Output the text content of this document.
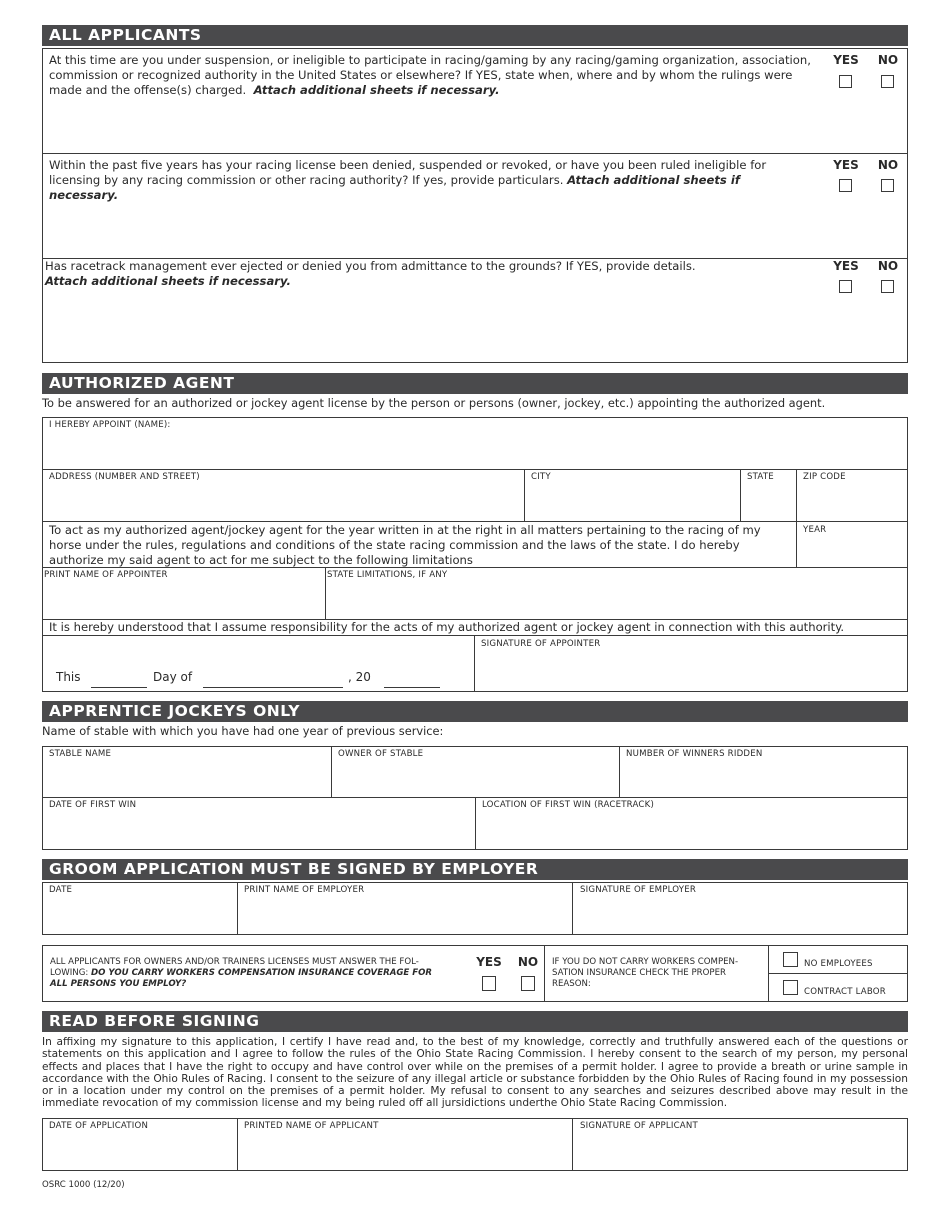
ALL APPLICANTS
At this time are you under suspension, or ineligible to participate in racing/gaming by any racing/gaming organization, association, commission or recognized authority in the United States or elsewhere? If YES, state when, where and by whom the rulings were made and the offense(s) charged. Attach additional sheets if necessary.
YES	NO
Within the past five years has your racing license been denied, suspended or revoked, or have you been ruled ineligible for licensing by any racing commission or other racing authority? If yes, provide particulars. Attach additional sheets if necessary.
YES	NO
Has racetrack management ever ejected or denied you from admittance to the grounds? If YES, provide details.
Attach additional sheets if necessary.
YES	NO
AUTHORIZED AGENT
To be answered for an authorized or jockey agent license by the person or persons (owner, jockey, etc.) appointing the authorized agent.
I HEREBY APPOINT (NAME):
ADDRESS (NUMBER AND STREET)	CITY	STATE	ZIP CODE
To act as my authorized agent/jockey agent for the year written in at the right in all matters pertaining to the racing of my horse under the rules, regulations and conditions of the state racing commission and the laws of the state. I do hereby authorize my said agent to act for me subject to the following limitations
YEAR
PRINT NAME OF APPOINTER	STATE LIMITATIONS, IF ANY
It is hereby understood that I assume responsibility for the acts of my authorized agent or jockey agent in connection with this authority.
SIGNATURE OF APPOINTER
This	Day of	, 20
APPRENTICE JOCKEYS ONLY
Name of stable with which you have had one year of previous service:
STABLE NAME	OWNER OF STABLE	NUMBER OF WINNERS RIDDEN
DATE OF FIRST WIN	LOCATION OF FIRST WIN (RACETRACK)
GROOM APPLICATION MUST BE SIGNED BY EMPLOYER
DATE	PRINT NAME OF EMPLOYER	SIGNATURE OF EMPLOYER
ALL APPLICANTS FOR OWNERS AND/OR TRAINERS LICENSES MUST ANSWER THE FOL-LOWING: DO YOU CARRY WORKERS COMPENSATION INSURANCE COVERAGE FOR ALL PERSONS YOU EMPLOY?
YES	NO	IF YOU DO NOT CARRY WORKERS COMPEN-SATION INSURANCE CHECK THE PROPER REASON:
NO EMPLOYEES
CONTRACT LABOR
READ BEFORE SIGNING
In affixing my signature to this application, I certify I have read and, to the best of my knowledge, correctly and truthfully answered each of the questions or statements on this application and I agree to follow the rules of the Ohio State Racing Commission. I hereby consent to the search of my person, my personal effects and places that I have the right to occupy and have control over while on the premises of a permit holder. I agree to provide a breath or urine sample in accordance with the Ohio Rules of Racing. I consent to the seizure of any illegal article or substance forbidden by the Ohio Rules of Racing found in my possession or in a location under my control on the premises of a permit holder. My refusal to consent to any searches and seizures described above may result in the immediate revocation of my commission license and my being ruled off all jursidictions underthe Ohio State Racing Commission.
DATE OF APPLICATION	PRINTED NAME OF APPLICANT	SIGNATURE OF APPLICANT
OSRC 1000 (12/20)
